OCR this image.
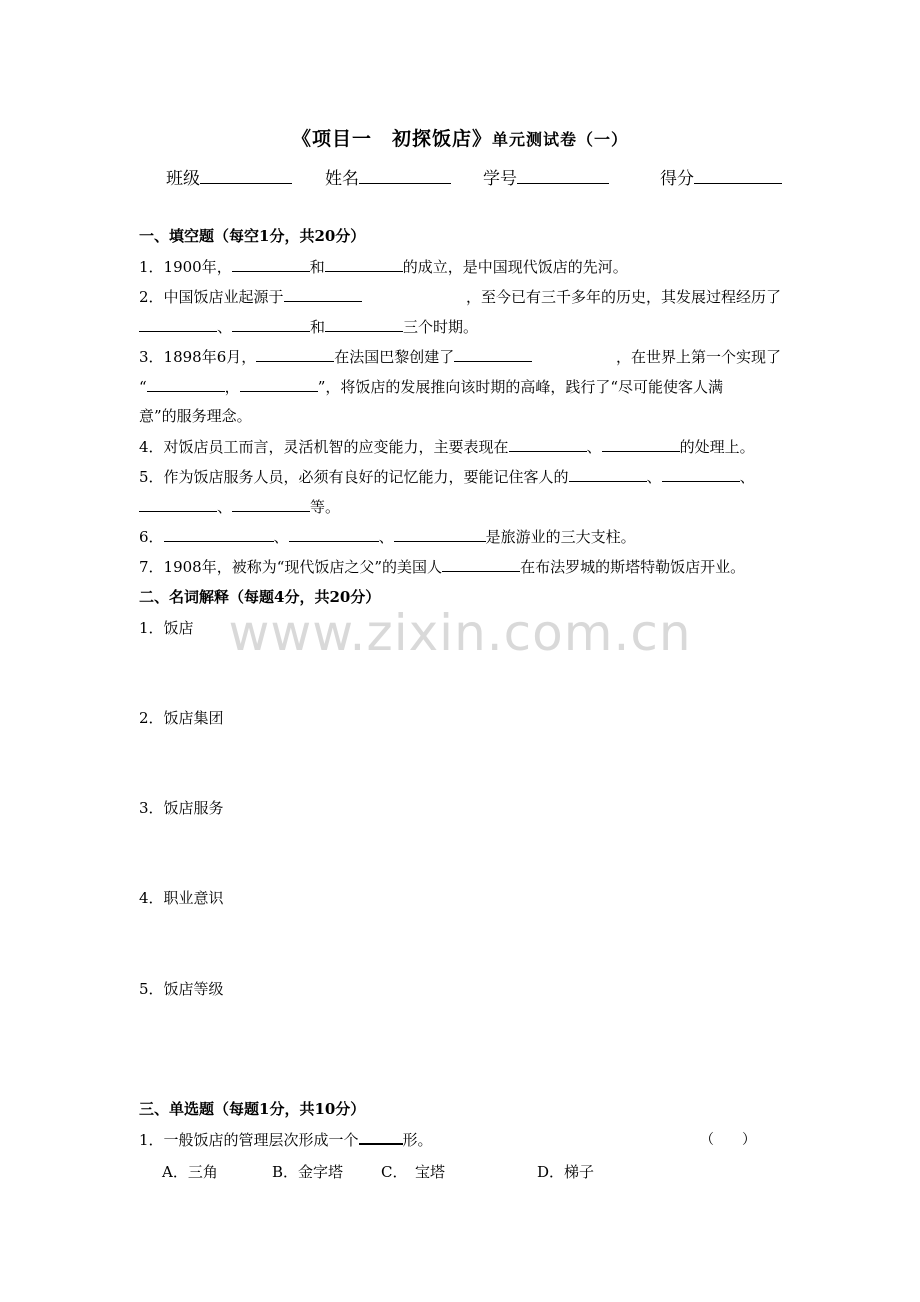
《项目一　初探饭店》单元测试卷（一）
班级	姓名	学号	得分
一、填空题（每空1分，共20分）
1．1900年，	和	的成立，是中国现代饭店的先河。
2．中国饭店业起源于	，至今已有三千多年的历史，其发展过程经历了
、	和	三个时期。
3．1898年6月，	在法国巴黎创建了	，在世界上第一个实现了
“	，	”，将饭店的发展推向该时期的高峰，践行了“尽可能使客人满
意”的服务理念。
4．对饭店员工而言，灵活机智的应变能力，主要表现在	、	的处理上。
5．作为饭店服务人员，必须有良好的记忆能力，要能记住客人的	、	、
、	等。
6．	、	、	是旅游业的三大支柱。
7．1908年，被称为“现代饭店之父”的美国人	在布法罗城的斯塔特勒饭店开业。
二、名词解释（每题4分，共20分）
1．饭店
2．饭店集团
3．饭店服务
4．职业意识
5．饭店等级
三、单选题（每题1分，共10分）
1．一般饭店的管理层次形成一个	形。	（　　）
A．三角	B．金字塔	C．　宝塔	D．梯子
www.zixin.com.cn
